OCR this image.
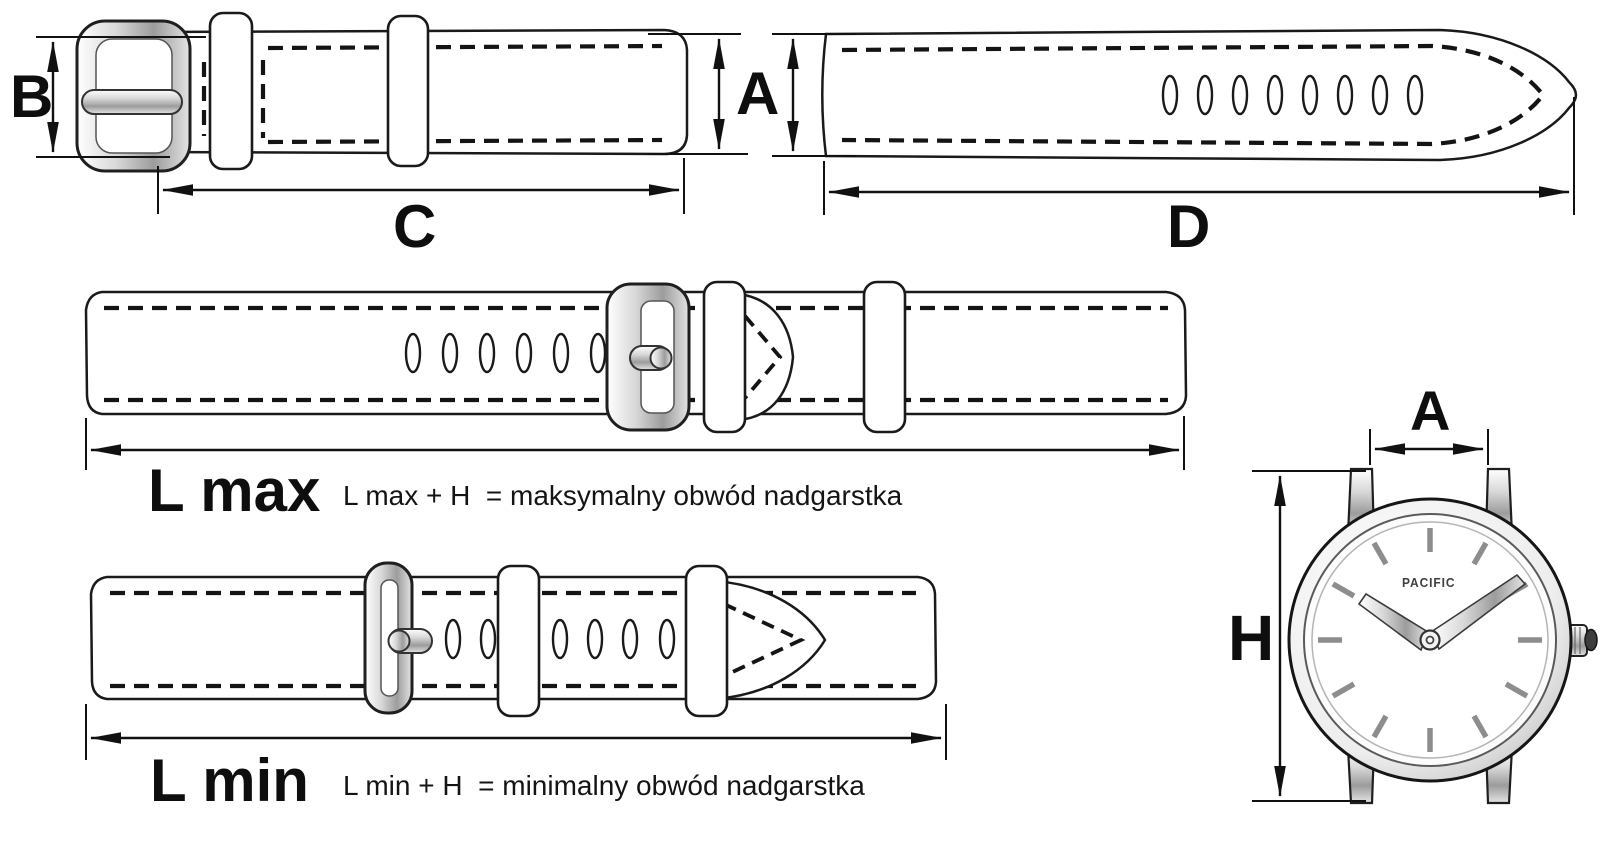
B	A
C	D
L max L max + H  = maksymalny obwód nadgarstka
L min L min + H  = minimalny obwód nadgarstka
A
H
PACIFIC
